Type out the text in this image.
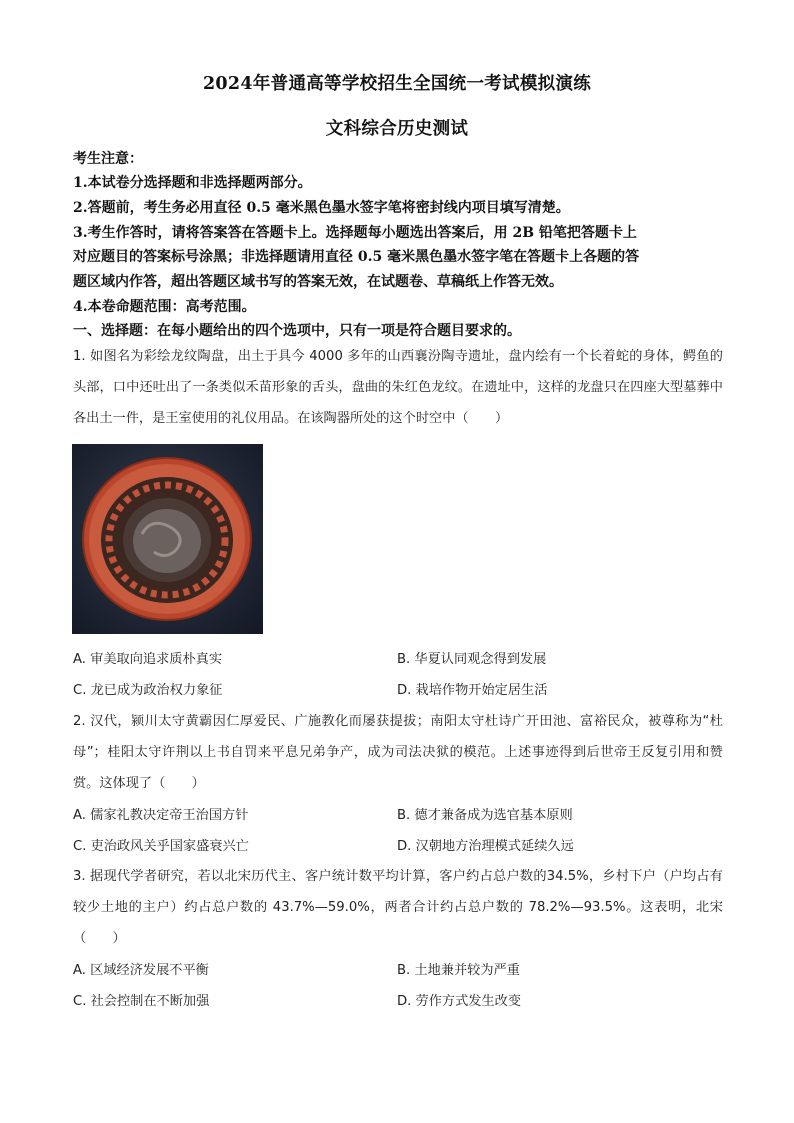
2024年普通高等学校招生全国统一考试模拟演练
文科综合历史测试
考生注意：
1.本试卷分选择题和非选择题两部分。
2.答题前，考生务必用直径 0.5 毫米黑色墨水签字笔将密封线内项目填写清楚。
3.考生作答时，请将答案答在答题卡上。选择题每小题选出答案后，用 2B 铅笔把答题卡上
对应题目的答案标号涂黑；非选择题请用直径 0.5 毫米黑色墨水签字笔在答题卡上各题的答
题区域内作答，超出答题区域书写的答案无效，在试题卷、草稿纸上作答无效。
4.本卷命题范围：高考范围。
一、选择题：在每小题给出的四个选项中，只有一项是符合题目要求的。
1. 如图名为彩绘龙纹陶盘，出土于具今 4000 多年的山西襄汾陶寺遗址，盘内绘有一个长着蛇的身体，鳄鱼的头部，口中还吐出了一条类似禾苗形象的舌头，盘曲的朱红色龙纹。在遗址中，这样的龙盘只在四座大型墓葬中各出土一件，是王室使用的礼仪用品。在该陶器所处的这个时空中（　　）
A. 审美取向追求质朴真实	B. 华夏认同观念得到发展
C. 龙已成为政治权力象征	D. 栽培作物开始定居生活
2. 汉代，颍川太守黄霸因仁厚爱民、广施教化而屡获提拔；南阳太守杜诗广开田池、富裕民众，被尊称为“杜母”；桂阳太守许荆以上书自罚来平息兄弟争产，成为司法决狱的模范。上述事迹得到后世帝王反复引用和赞赏。这体现了（　　）
A. 儒家礼教决定帝王治国方针	B. 德才兼备成为选官基本原则
C. 吏治政风关乎国家盛衰兴亡	D. 汉朝地方治理模式延续久远
3. 据现代学者研究，若以北宋历代主、客户统计数平均计算，客户约占总户数的34.5%，乡村下户（户均占有较少土地的主户）约占总户数的 43.7%—59.0%，两者合计约占总户数的 78.2%—93.5%。这表明，北宋（　　）
A. 区域经济发展不平衡	B. 土地兼并较为严重
C. 社会控制在不断加强	D. 劳作方式发生改变
